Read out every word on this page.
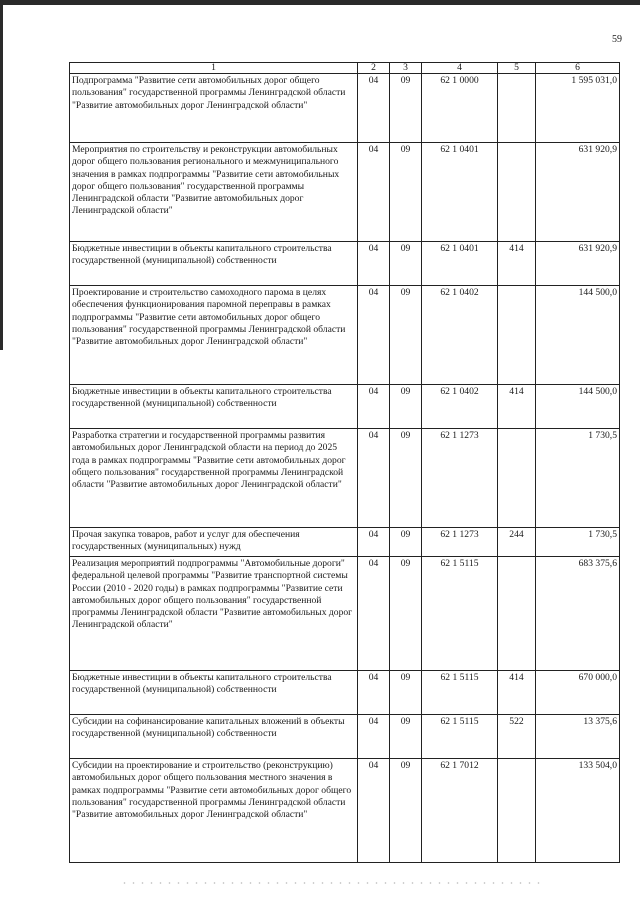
59
1	2	3	4	5	6
Подпрограмма "Развитие сети автомобильных дорог общего пользования" государственной программы Ленинградской области "Развитие автомобильных дорог Ленинградской области"	04	09	62 1 0000		1 595 031,0
Мероприятия по строительству и реконструкции автомобильных дорог общего пользования регионального и межмуниципального значения в рамках подпрограммы "Развитие сети автомобильных дорог общего пользования" государственной программы Ленинградской области "Развитие автомобильных дорог Ленинградской области"	04	09	62 1 0401		631 920,9
Бюджетные инвестиции в объекты капитального строительства государственной (муниципальной) собственности	04	09	62 1 0401	414	631 920,9
Проектирование и строительство самоходного парома в целях обеспечения функционирования паромной переправы в рамках подпрограммы "Развитие сети автомобильных дорог общего пользования" государственной программы Ленинградской области "Развитие автомобильных дорог Ленинградской области"	04	09	62 1 0402		144 500,0
Бюджетные инвестиции в объекты капитального строительства государственной (муниципальной) собственности	04	09	62 1 0402	414	144 500,0
Разработка стратегии и государственной программы развития автомобильных дорог Ленинградской области на период до 2025 года в рамках подпрограммы "Развитие сети автомобильных дорог общего пользования" государственной программы Ленинградской области "Развитие автомобильных дорог Ленинградской области"	04	09	62 1 1273		1 730,5
Прочая закупка товаров, работ и услуг для обеспечения государственных (муниципальных) нужд	04	09	62 1 1273	244	1 730,5
Реализация мероприятий подпрограммы "Автомобильные дороги" федеральной целевой программы "Развитие транспортной системы России (2010 - 2020 годы) в рамках подпрограммы "Развитие сети автомобильных дорог общего пользования" государственной программы Ленинградской области "Развитие автомобильных дорог Ленинградской области"	04	09	62 1 5115		683 375,6
Бюджетные инвестиции в объекты капитального строительства государственной (муниципальной) собственности	04	09	62 1 5115	414	670 000,0
Субсидии на софинансирование капитальных вложений в объекты государственной (муниципальной) собственности	04	09	62 1 5115	522	13 375,6
Субсидии на проектирование и строительство (реконструкцию) автомобильных дорог общего пользования местного значения в рамках подпрограммы "Развитие сети автомобильных дорог общего пользования" государственной программы Ленинградской области "Развитие автомобильных дорог Ленинградской области"	04	09	62 1 7012		133 504,0
